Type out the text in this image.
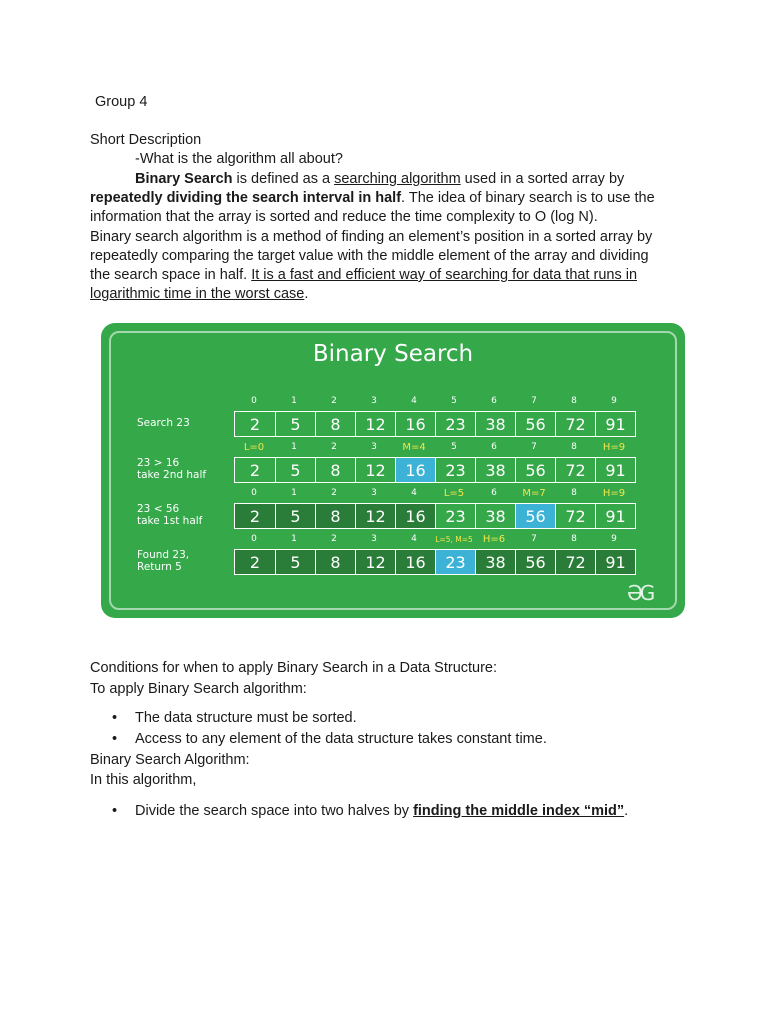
Group 4
Short Description
-What is the algorithm all about?
Binary Search is defined as a searching algorithm used in a sorted array by
repeatedly dividing the search interval in half. The idea of binary search is to use the
information that the array is sorted and reduce the time complexity to O (log N).
Binary search algorithm is a method of finding an element’s position in a sorted array by
repeatedly comparing the target value with the middle element of the array and dividing
the search space in half. It is a fast and efficient way of searching for data that runs in
logarithmic time in the worst case.
Binary Search
ƏG
Search 23
0	1	2	3	4	5	6	7	8	9
2	5	8	12	16	23	38	56	72	91
23 > 16
take 2nd half
L=0	1	2	3	M=4	5	6	7	8	H=9
2	5	8	12	16	23	38	56	72	91
23 < 56
take 1st half
0	1	2	3	4	L=5	6	M=7	8	H=9
2	5	8	12	16	23	38	56	72	91
Found 23,
Return 5
0	1	2	3	4	L=5, M=5	H=6	7	8	9
2	5	8	12	16	23	38	56	72	91
Conditions for when to apply Binary Search in a Data Structure:
To apply Binary Search algorithm:
• The data structure must be sorted.
• Access to any element of the data structure takes constant time.
Binary Search Algorithm:
In this algorithm,
• Divide the search space into two halves by finding the middle index “mid”.
